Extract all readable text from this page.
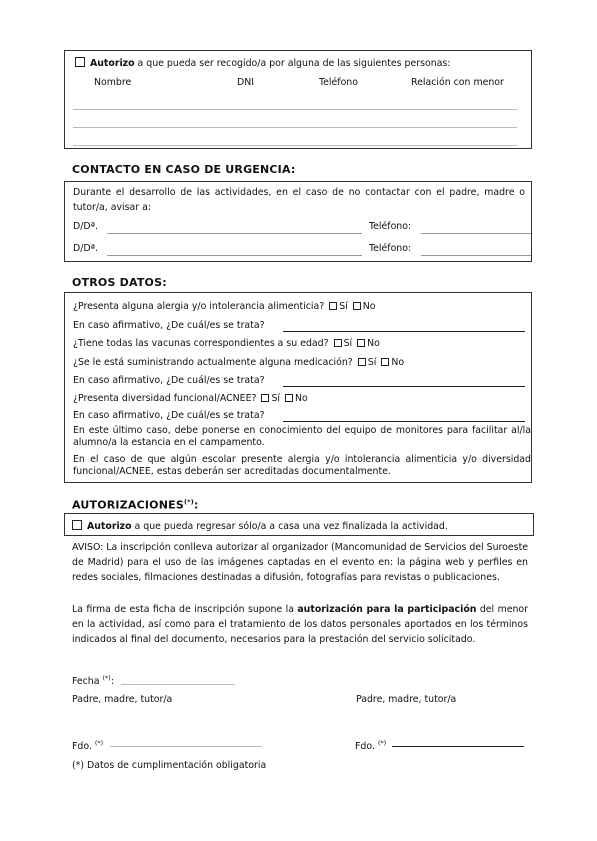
Autorizo a que pueda ser recogido/a por alguna de las siguientes personas:
Nombre	DNI	Teléfono	Relación con menor
CONTACTO EN CASO DE URGENCIA:
Durante el desarrollo de las actividades, en el caso de no contactar con el padre, madre o tutor/a, avisar a:
D/Dª.	Teléfono:
D/Dª.	Teléfono:
OTROS DATOS:
¿Presenta alguna alergia y/o intolerancia alimenticia? Sí No
En caso afirmativo, ¿De cuál/es se trata?
¿Tiene todas las vacunas correspondientes a su edad? Sí No
¿Se le está suministrando actualmente alguna medicación? Sí No
En caso afirmativo, ¿De cuál/es se trata?
¿Presenta diversidad funcional/ACNEE? Sí No
En caso afirmativo, ¿De cuál/es se trata?
En este último caso, debe ponerse en conocimiento del equipo de monitores para facilitar al/la alumno/a la estancia en el campamento.
En el caso de que algún escolar presente alergia y/o intolerancia alimenticia y/o diversidad funcional/ACNEE, estas deberán ser acreditadas documentalmente.
AUTORIZACIONES(*):
Autorizo a que pueda regresar sólo/a a casa una vez finalizada la actividad.
AVISO: La inscripción conlleva autorizar al organizador (Mancomunidad de Servicios del Suroeste de Madrid) para el uso de las imágenes captadas en el evento en: la página web y perfiles en redes sociales, filmaciones destinadas a difusión, fotografías para revistas o publicaciones.
La firma de esta ficha de inscripción supone la autorización para la participación del menor en la actividad, así como para el tratamiento de los datos personales aportados en los términos indicados al final del documento, necesarios para la prestación del servicio solicitado.
Fecha (*):
Padre, madre, tutor/a	Padre, madre, tutor/a
Fdo. (*)	Fdo. (*)
(*) Datos de cumplimentación obligatoria
